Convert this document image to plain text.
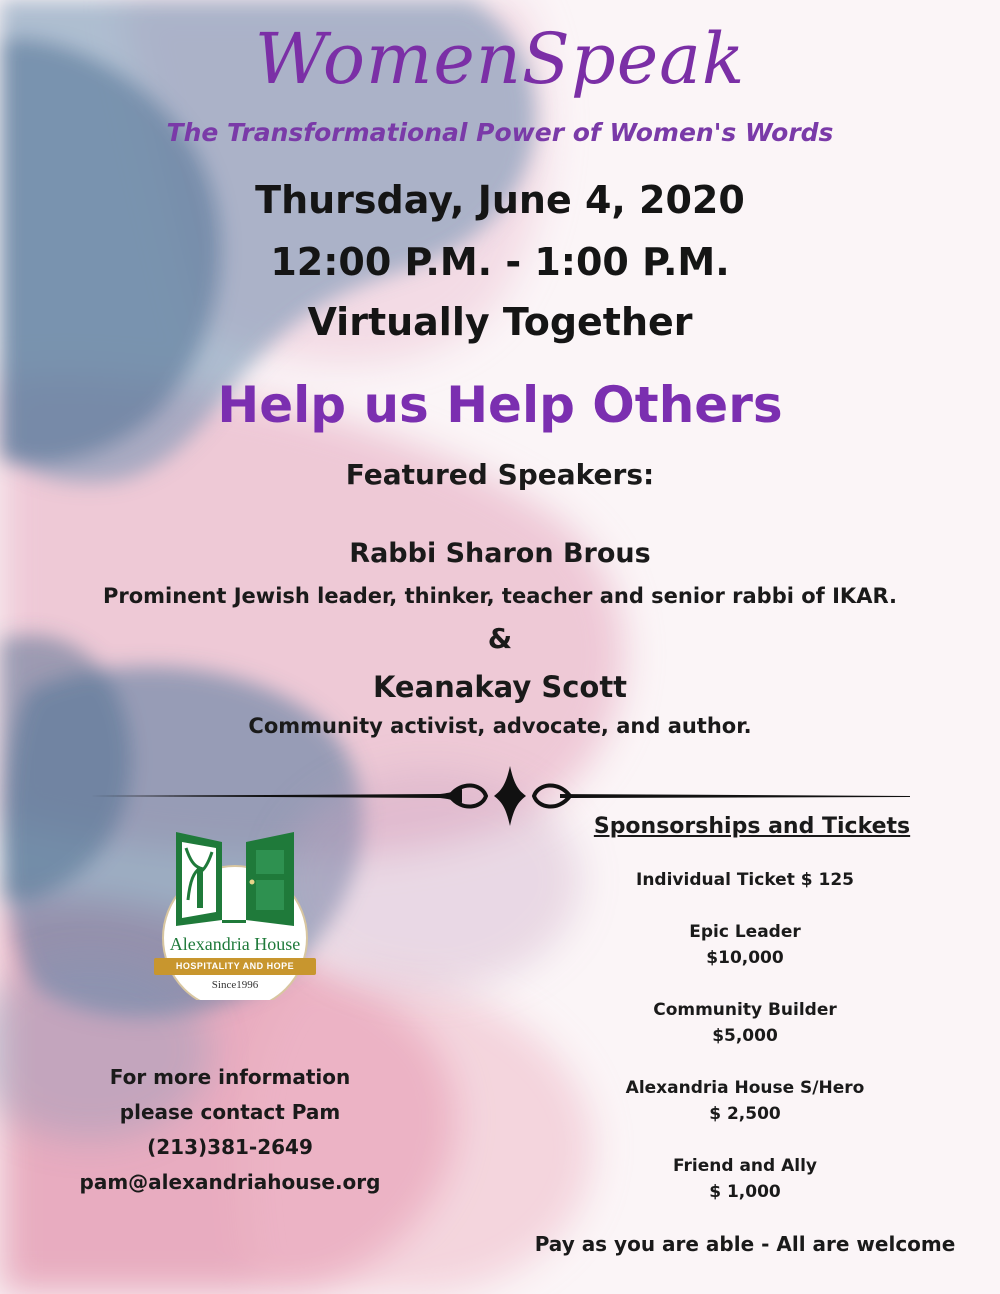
WomenSpeak
The Transformational Power of Women's Words
Thursday, June 4, 2020
12:00 P.M. - 1:00 P.M.
Virtually Together
Help us Help Others
Featured Speakers:
Rabbi Sharon Brous
Prominent Jewish leader, thinker, teacher and senior rabbi of IKAR.
&
Keanakay Scott
Community activist, advocate, and author.
Alexandria House
HOSPITALITY AND HOPE
Since1996
For more information
please contact Pam
(213)381-2649
pam@alexandriahouse.org
Sponsorships and Tickets
Individual Ticket $ 125
Epic Leader
$10,000
Community Builder
$5,000
Alexandria House S/Hero
$ 2,500
Friend and Ally
$ 1,000
Pay as you are able - All are welcome
